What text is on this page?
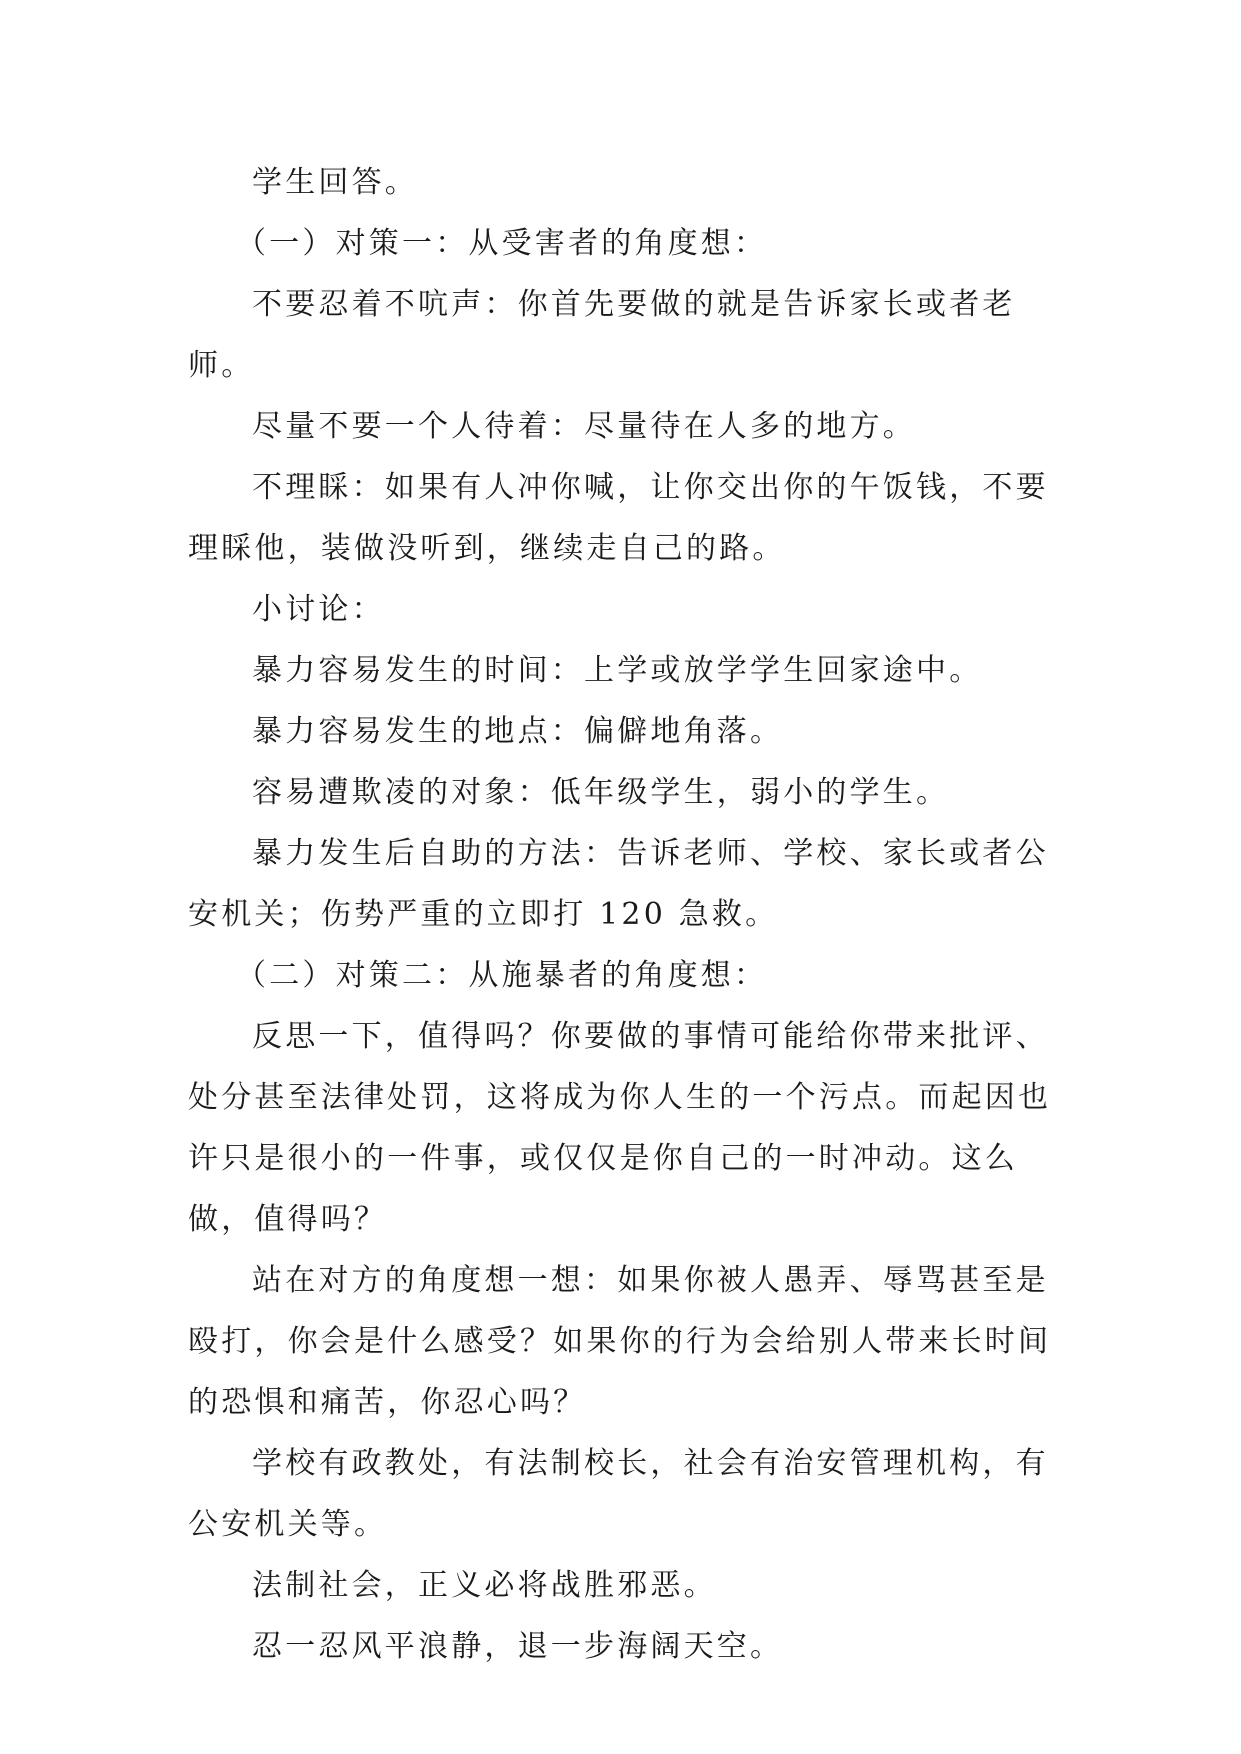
学生回答。

（一）对策一：从受害者的角度想：

不要忍着不吭声：你首先要做的就是告诉家长或者老师。

尽量不要一个人待着：尽量待在人多的地方。

不理睬：如果有人冲你喊，让你交出你的午饭钱，不要理睬他，装做没听到，继续走自己的路。

小讨论：

暴力容易发生的时间：上学或放学学生回家途中。

暴力容易发生的地点：偏僻地角落。

容易遭欺凌的对象：低年级学生，弱小的学生。

暴力发生后自助的方法：告诉老师、学校、家长或者公安机关；伤势严重的立即打 120 急救。

（二）对策二：从施暴者的角度想：

反思一下，值得吗？你要做的事情可能给你带来批评、处分甚至法律处罚，这将成为你人生的一个污点。而起因也许只是很小的一件事，或仅仅是你自己的一时冲动。这么做，值得吗？

站在对方的角度想一想：如果你被人愚弄、辱骂甚至是殴打，你会是什么感受？如果你的行为会给别人带来长时间的恐惧和痛苦，你忍心吗？

学校有政教处，有法制校长，社会有治安管理机构，有公安机关等。

法制社会，正义必将战胜邪恶。

忍一忍风平浪静，退一步海阔天空。
